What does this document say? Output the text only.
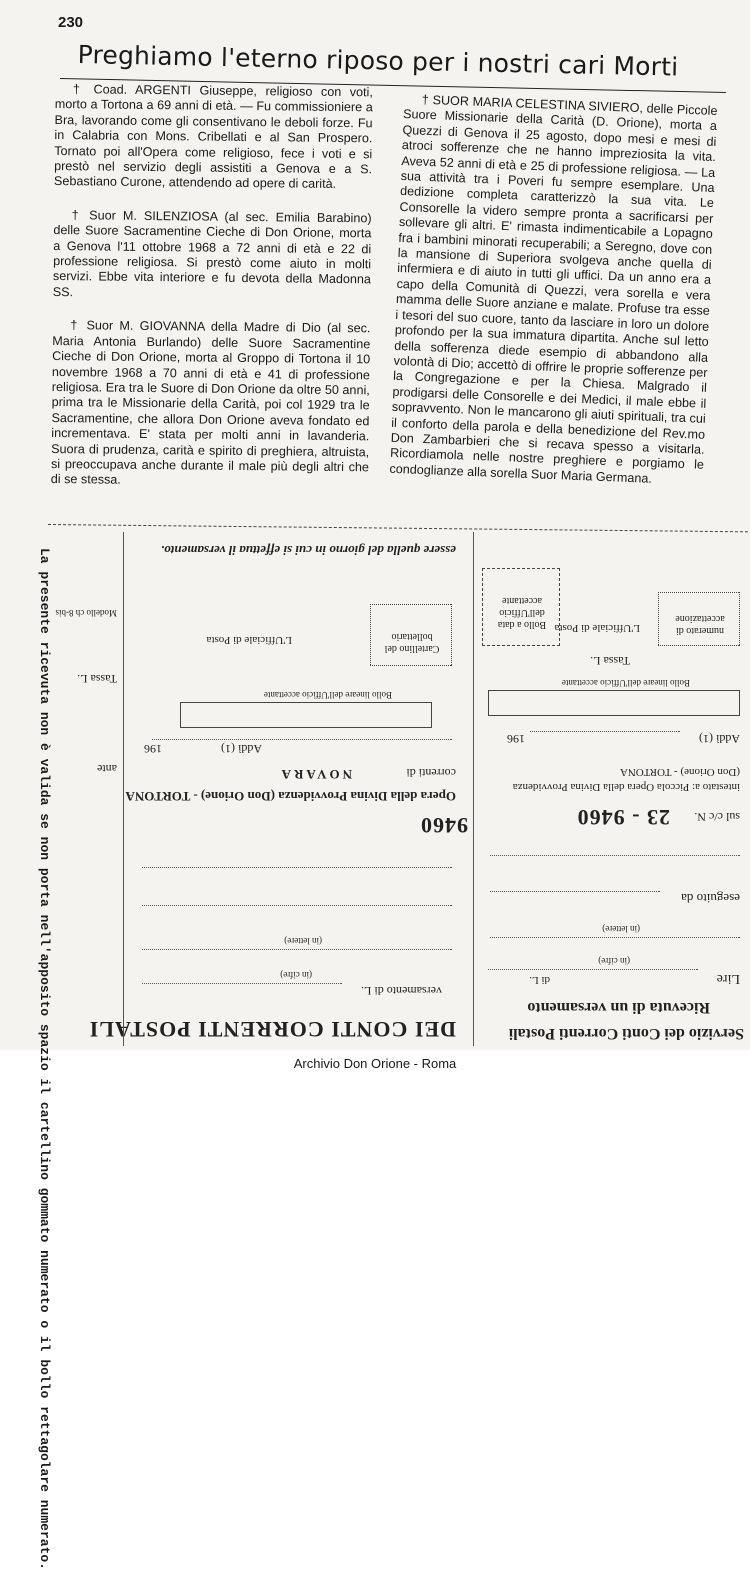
230
Preghiamo l'eterno riposo per i nostri cari Morti

† Coad. ARGENTI Giuseppe, religioso con voti, morto a Tortona a 69 anni di età. — Fu commissioniere a Bra, lavorando come gli consentivano le deboli forze. Fu in Calabria con Mons. Cribellati e al San Prospero. Tornato poi all'Opera come religioso, fece i voti e si prestò nel servizio degli assistiti a Genova e a S. Sebastiano Curone, attendendo ad opere di carità.

† Suor M. SILENZIOSA (al sec. Emilia Barabino) delle Suore Sacramentine Cieche di Don Orione, morta a Genova l'11 ottobre 1968 a 72 anni di età e 22 di professione religiosa. Si prestò come aiuto in molti servizi. Ebbe vita interiore e fu devota della Madonna SS.

† Suor M. GIOVANNA della Madre di Dio (al sec. Maria Antonia Burlando) delle Suore Sacramentine Cieche di Don Orione, morta al Groppo di Tortona il 10 novembre 1968 a 70 anni di età e 41 di professione religiosa. Era tra le Suore di Don Orione da oltre 50 anni, prima tra le Missionarie della Carità, poi col 1929 tra le Sacramentine, che allora Don Orione aveva fondato ed incrementava. E' stata per molti anni in lavanderia. Suora di prudenza, carità e spirito di preghiera, altruista, si preoccupava anche durante il male più degli altri che di se stessa.

† SUOR MARIA CELESTINA SIVIERO, delle Piccole Suore Missionarie della Carità (D. Orione), morta a Quezzi di Genova il 25 agosto, dopo mesi e mesi di atroci sofferenze che ne hanno impreziosita la vita. Aveva 52 anni di età e 25 di professione religiosa. — La sua attività tra i Poveri fu sempre esemplare. Una dedizione completa caratterizzò la sua vita. Le Consorelle la videro sempre pronta a sacrificarsi per sollevare gli altri. E' rimasta indimenticabile a Lopagno fra i bambini minorati recuperabili; a Seregno, dove con la mansione di Superiora svolgeva anche quella di infermiera e di aiuto in tutti gli uffici. Da un anno era a capo della Comunità di Quezzi, vera sorella e vera mamma delle Suore anziane e malate. Profuse tra esse i tesori del suo cuore, tanto da lasciare in loro un dolore profondo per la sua immatura dipartita. Anche sul letto della sofferenza diede esempio di abbandono alla volontà di Dio; accettò di offrire le proprie sofferenze per la Congregazione e per la Chiesa. Malgrado il prodigarsi delle Consorelle e dei Medici, il male ebbe il sopravvento. Non le mancarono gli aiuti spirituali, tra cui il conforto della parola e della benedizione del Rev.mo Don Zambarbieri che si recava spesso a visitarla. Ricordiamola nelle nostre preghiere e porgiamo le condoglianze alla sorella Suor Maria Germana.

Servizio dei Conti Correnti Postali
Ricevuta di un versamento
Lire
di L.
(in cifre)
(in lettere)
eseguito da
sul c/c N.
23 - 9460
intestato a: Piccola Opera della Divina Provvidenza (Don Orione) - TORTONA
Addì (1)
196
Bollo lineare dell'Ufficio accettante
Tassa L.
numerato di accettazione
L'Ufficiale di Posta
Bollo a data dell'Ufficio accettante
DEI CONTI CORRENTI POSTALI
versamento di L.
(in cifre)
(in lettere)
9460
Opera della Divina Provvidenza (Don Orione) - TORTONA
correnti di
NOVARA
Addì (1)
196
Bollo lineare dell'Ufficio accettante
Cartellino del bollettario
L'Ufficiale di Posta
essere quella del giorno in cui si effettua il versamento.
ante
Tassa L.
Modello ch 8-bis
La presente ricevuta non è valida se non porta nell'apposito spazio il cartellino gommato numerato o il bollo rettagolare numerato.	Archivio Don Orione - Roma
